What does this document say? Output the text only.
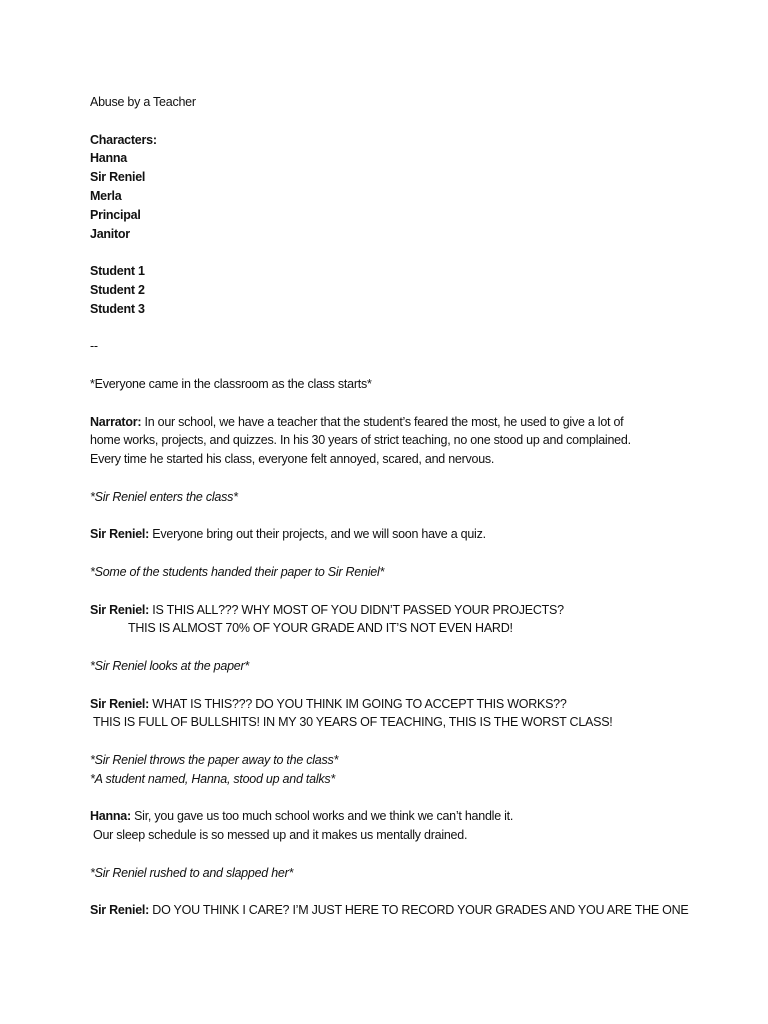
Abuse by a Teacher
Characters:
Hanna
Sir Reniel
Merla
Principal
Janitor
Student 1
Student 2
Student 3
--
*Everyone came in the classroom as the class starts*
Narrator: In our school, we have a teacher that the student’s feared the most, he used to give a lot of
home works, projects, and quizzes. In his 30 years of strict teaching, no one stood up and complained.
Every time he started his class, everyone felt annoyed, scared, and nervous.
*Sir Reniel enters the class*
Sir Reniel: Everyone bring out their projects, and we will soon have a quiz.
*Some of the students handed their paper to Sir Reniel*
Sir Reniel: IS THIS ALL??? WHY MOST OF YOU DIDN’T PASSED YOUR PROJECTS?
THIS IS ALMOST 70% OF YOUR GRADE AND IT’S NOT EVEN HARD!
*Sir Reniel looks at the paper*
Sir Reniel: WHAT IS THIS??? DO YOU THINK IM GOING TO ACCEPT THIS WORKS??
THIS IS FULL OF BULLSHITS! IN MY 30 YEARS OF TEACHING, THIS IS THE WORST CLASS!
*Sir Reniel throws the paper away to the class*
*A student named, Hanna, stood up and talks*
Hanna: Sir, you gave us too much school works and we think we can’t handle it.
Our sleep schedule is so messed up and it makes us mentally drained.
*Sir Reniel rushed to and slapped her*
Sir Reniel: DO YOU THINK I CARE? I’M JUST HERE TO RECORD YOUR GRADES AND YOU ARE THE ONE
